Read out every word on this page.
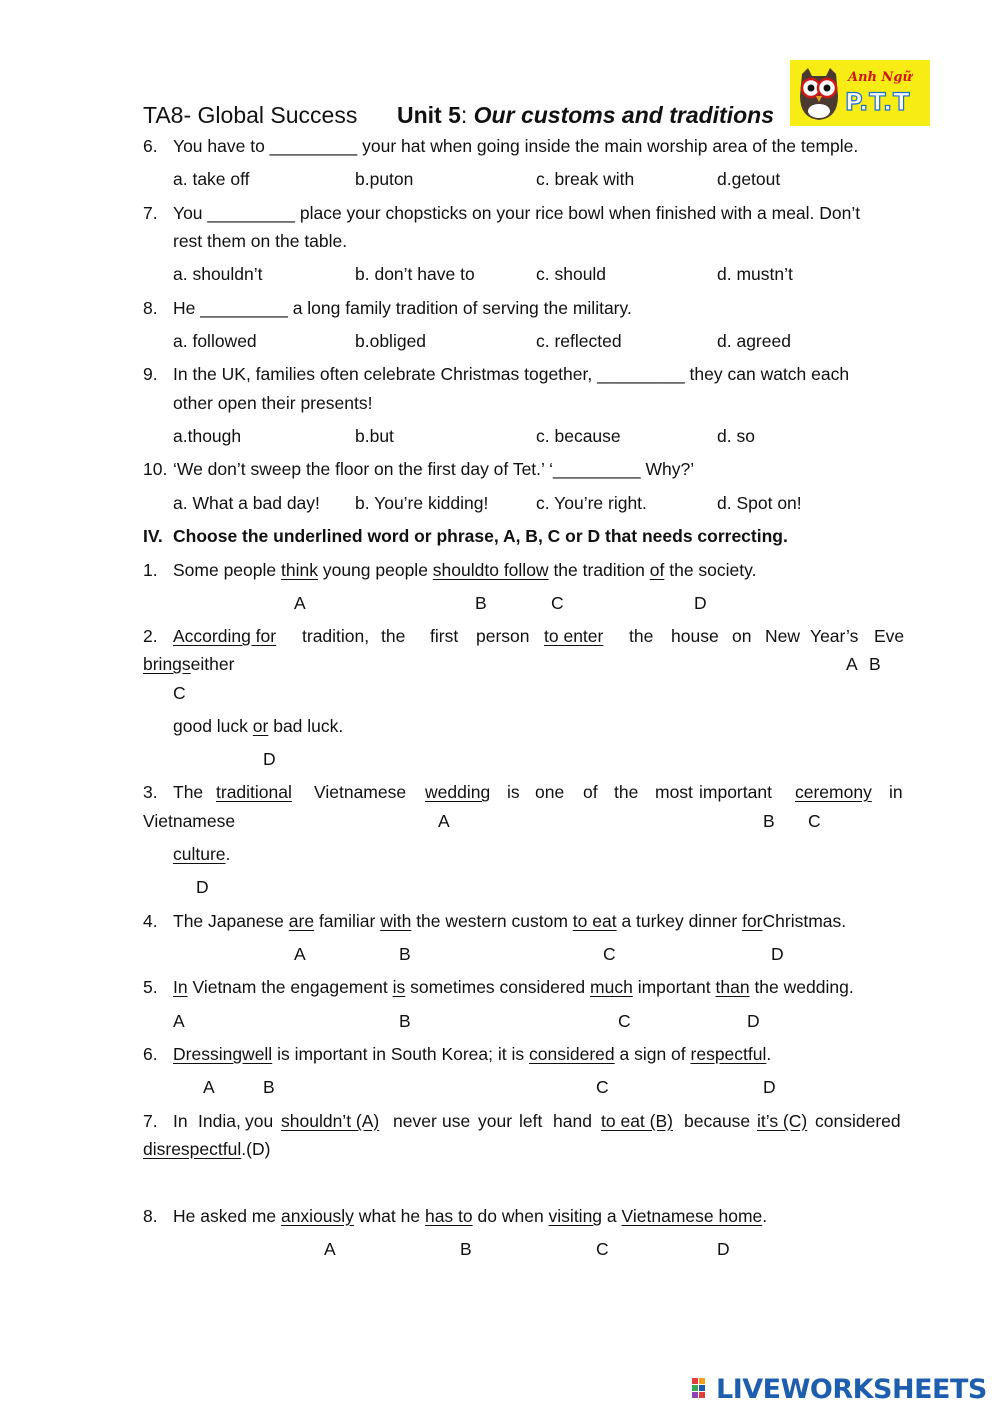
TA8- Global Success Unit 5: Our customs and traditions
Anh Ngữ
P.T.T
6. You have to _________ your hat when going inside the main worship area of the temple.
a. take off	b.puton	c. break with	d.getout
7. You _________ place your chopsticks on your rice bowl when finished with a meal. Don’t
rest them on the table.
a. shouldn’t	b. don’t have to	c. should	d. mustn’t
8. He _________ a long family tradition of serving the military.
a. followed	b.obliged	c. reflected	d. agreed
9. In the UK, families often celebrate Christmas together, _________ they can watch each
other open their presents!
a.though	b.but	c. because	d. so
10. ‘We don’t sweep the floor on the first day of Tet.’ ‘_________ Why?’
a. What a bad day! b. You’re kidding!	c. You’re right.	d. Spot on!
IV. Choose the underlined word or phrase, A, B, C or D that needs correcting.
1. Some people think young people shouldto follow the tradition of the society.
A	B	C	D
2. According for tradition, the first person to enter the house on New Year’s Eve
bringseither	A B
C
good luck or bad luck.
D
3. The traditional Vietnamese wedding is one of the most important ceremony in
Vietnamese	A	B C
culture.
D
4. The Japanese are familiar with the western custom to eat a turkey dinner forChristmas.
A	B	C	D
5. In Vietnam the engagement is sometimes considered much important than the wedding.
A	B	C	D
6. Dressingwell is important in South Korea; it is considered a sign of respectful.
A	B	C	D
7. In India, you shouldn’t (A) never use your left hand to eat (B) because it’s (C) considered
disrespectful.(D)
8. He asked me anxiously what he has to do when visiting a Vietnamese home.
A	B	C	D
LIVEWORKSHEETS
